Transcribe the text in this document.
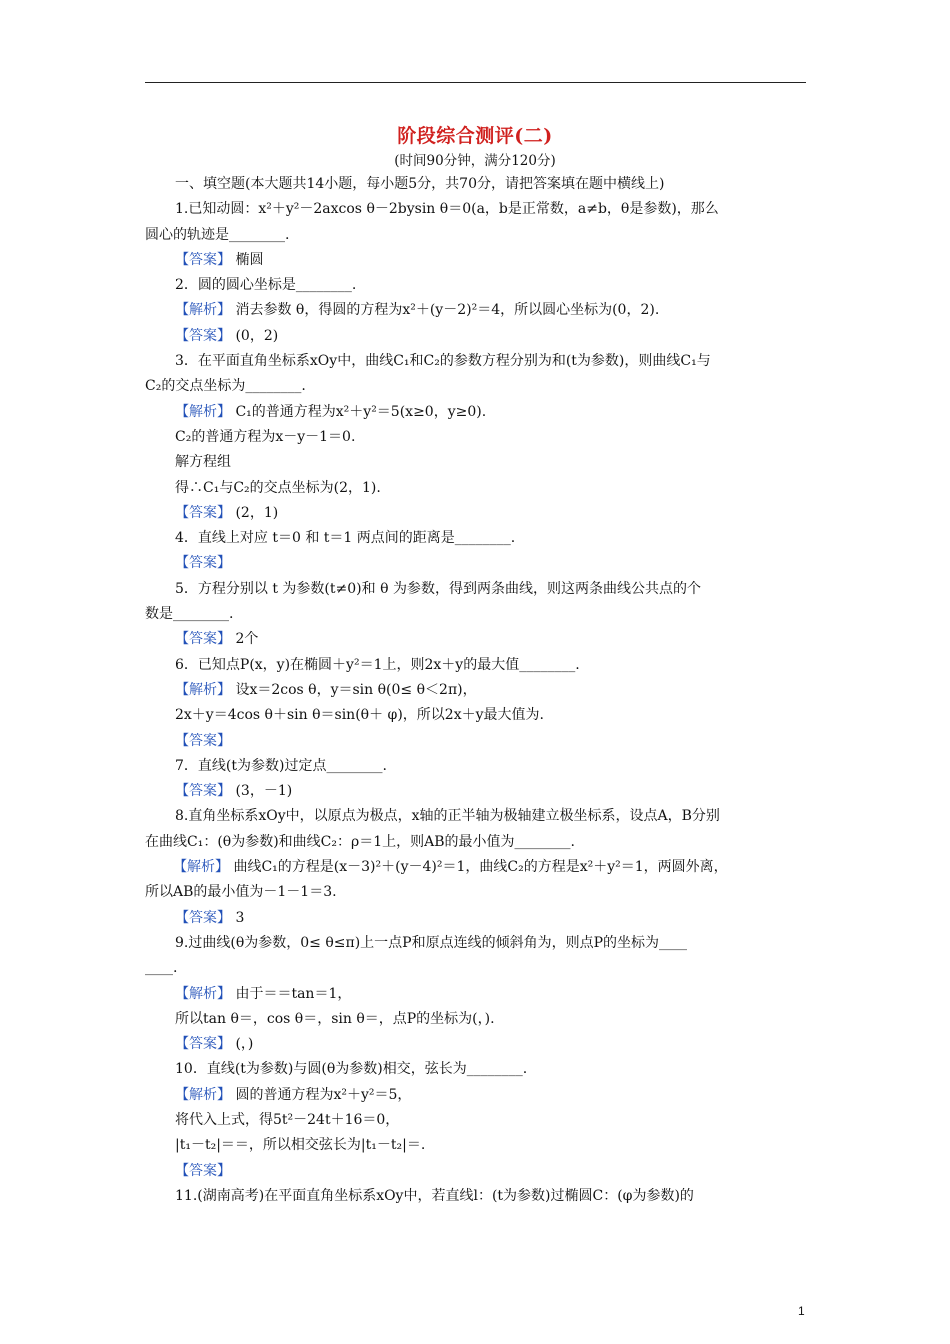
阶段综合测评(二)
(时间90分钟，满分120分)

一、填空题(本大题共14小题，每小题5分，共70分，请把答案填在题中横线上)

1.已知动圆：x²＋y²－2axcos θ－2bysin θ＝0(a，b是正常数，a≠b，θ是参数)，那么

圆心的轨迹是________.

【答案】 椭圆

2．圆的圆心坐标是________.

【解析】 消去参数 θ，得圆的方程为x²＋(y－2)²＝4，所以圆心坐标为(0，2).

【答案】 (0，2)

3．在平面直角坐标系xOy中，曲线C₁和C₂的参数方程分别为和(t为参数)，则曲线C₁与

C₂的交点坐标为________.

【解析】 C₁的普通方程为x²＋y²＝5(x≥0，y≥0).

C₂的普通方程为x－y－1＝0.

解方程组

得∴C₁与C₂的交点坐标为(2，1).

【答案】 (2，1)

4．直线上对应 t＝0 和 t＝1 两点间的距离是________.

【答案】

5．方程分别以 t 为参数(t≠0)和 θ 为参数，得到两条曲线，则这两条曲线公共点的个

数是________.

【答案】 2个

6．已知点P(x，y)在椭圆＋y²＝1上，则2x＋y的最大值________.

【解析】 设x＝2cos θ，y＝sin θ(0≤ θ＜2π)，

2x＋y＝4cos θ＋sin θ＝sin(θ＋ φ)，所以2x＋y最大值为.

【答案】

7．直线(t为参数)过定点________.

【答案】 (3，－1)

8.直角坐标系xOy中，以原点为极点，x轴的正半轴为极轴建立极坐标系，设点A，B分别

在曲线C₁：(θ为参数)和曲线C₂：ρ＝1上，则AB的最小值为________.

【解析】 曲线C₁的方程是(x－3)²＋(y－4)²＝1，曲线C₂的方程是x²＋y²＝1，两圆外离，

所以AB的最小值为－1－1＝3.

【答案】 3

9.过曲线(θ为参数，0≤ θ≤π)上一点P和原点连线的倾斜角为，则点P的坐标为____

____.

【解析】 由于＝＝tan＝1，

所以tan θ＝，cos θ＝，sin θ＝，点P的坐标为(，).

【答案】 (，)

10．直线(t为参数)与圆(θ为参数)相交，弦长为________.

【解析】 圆的普通方程为x²＋y²＝5，

将代入上式，得5t²－24t＋16＝0，

|t₁－t₂|＝＝，所以相交弦长为|t₁－t₂|＝.

【答案】

11.(湖南高考)在平面直角坐标系xOy中，若直线l：(t为参数)过椭圆C：(φ为参数)的

1
